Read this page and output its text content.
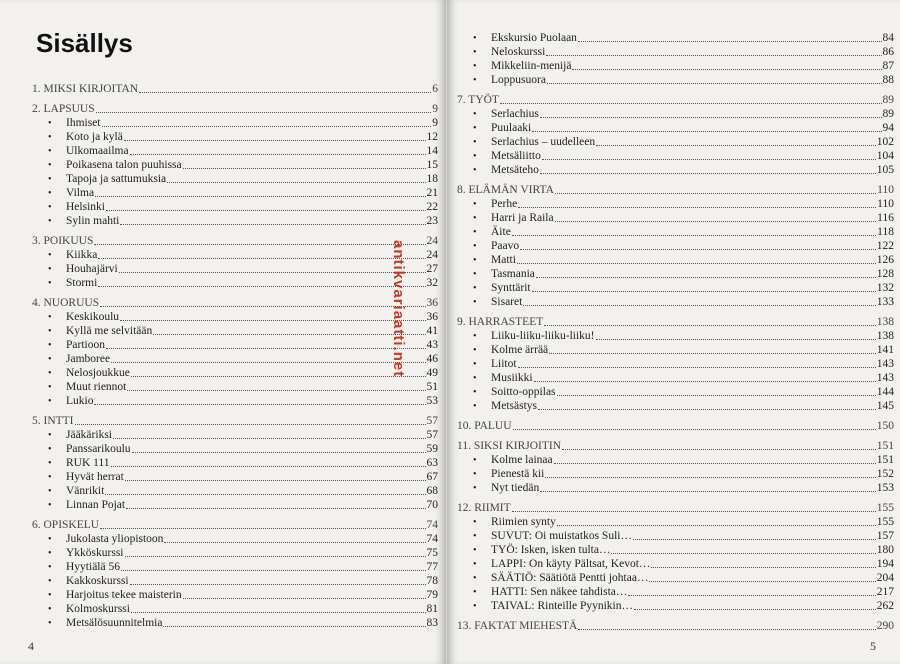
Sisällys
1. MIKSI KIRJOITAN	6
2. LAPSUUS	9
•	Ihmiset	9
•	Koto ja kylä	12
•	Ulkomaailma	14
•	Poikasena talon puuhissa	15
•	Tapoja ja sattumuksia	18
•	Vilma	21
•	Helsinki	22
•	Sylin mahti	23
3. POIKUUS	24
•	Kiikka	24
•	Houhajärvi	27
•	Stormi	32
4. NUORUUS	36
•	Keskikoulu	36
•	Kyllä me selvitään	41
•	Partioon	43
•	Jamboree	46
•	Nelosjoukkue	49
•	Muut riennot	51
•	Lukio	53
5. INTTI	57
•	Jääkäriksi	57
•	Panssarikoulu	59
•	RUK 111	63
•	Hyvät herrat	67
•	Vänrikit	68
•	Linnan Pojat	70
6. OPISKELU	74
•	Jukolasta yliopistoon	74
•	Ykköskurssi	75
•	Hyytiälä 56	77
•	Kakkoskurssi	78
•	Harjoitus tekee maisterin	79
•	Kolmoskurssi	81
•	Metsälösuunnitelmia	83
4
antikvariaatti.net
•	Ekskursio Puolaan	84
•	Neloskurssi	86
•	Mikkeliin-menijä	87
•	Loppusuora	88
7. TYÖT	89
•	Serlachius	89
•	Puulaaki	94
•	Serlachius – uudelleen	102
•	Metsäliitto	104
•	Metsäteho	105
8. ELÄMÄN VIRTA	110
•	Perhe	110
•	Harri ja Raila	116
•	Äite	118
•	Paavo	122
•	Matti	126
•	Tasmania	128
•	Synttärit	132
•	Sisaret	133
9. HARRASTEET	138
•	Liiku-liiku-liiku-liiku!	138
•	Kolme ärrää	141
•	Liitot	143
•	Musiikki	143
•	Soitto-oppilas	144
•	Metsästys	145
10. PALUU	150
11. SIKSI KIRJOITIN	151
•	Kolme lainaa	151
•	Pienestä kii	152
•	Nyt tiedän	153
12. RIIMIT	155
•	Riimien synty	155
•	SUVUT: Oi muistatkos Suli…	157
•	TYÖ: Isken, isken tulta…	180
•	LAPPI: On käyty Pältsat, Kevot…	194
•	SÄÄTIÖ: Säätiötä Pentti johtaa…	204
•	HATTI: Sen näkee tahdista…	217
•	TAIVAL: Rinteille Pyynikin…	262
13. FAKTAT MIEHESTÄ	290
5
